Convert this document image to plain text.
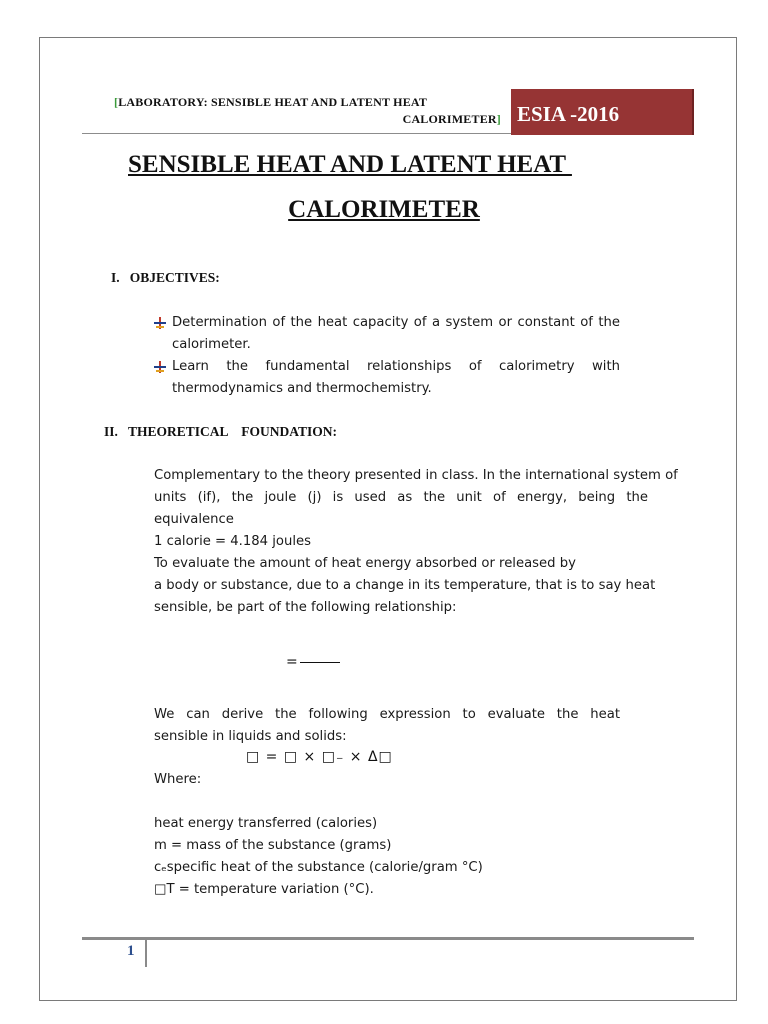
[LABORATORY: SENSIBLE HEAT AND LATENT HEAT
CALORIMETER] ESIA -2016
SENSIBLE HEAT AND LATENT HEAT
CALORIMETER
I. OBJECTIVES:
Determination of the heat capacity of a system or constant of the calorimeter.
Learn the fundamental relationships of calorimetry with thermodynamics and thermochemistry.
II. THEORETICAL    FOUNDATION:

Complementary to the theory presented in class. In the international system of

units (if), the joule (j) is used as the unit of energy, being the

equivalence

1 calorie = 4.184 joules

To evaluate the amount of heat energy absorbed or released by

a body or substance, due to a change in its temperature, that is to say heat

sensible, be part of the following relationship:

=
We can derive the following expression to evaluate the heat
sensible in liquids and solids:
□ = □ × □₋ × Δ□
Where:

heat energy transferred (calories)

m = mass of the substance (grams)

cₑspecific heat of the substance (calorie/gram °C)

□T = temperature variation (°C).

1
